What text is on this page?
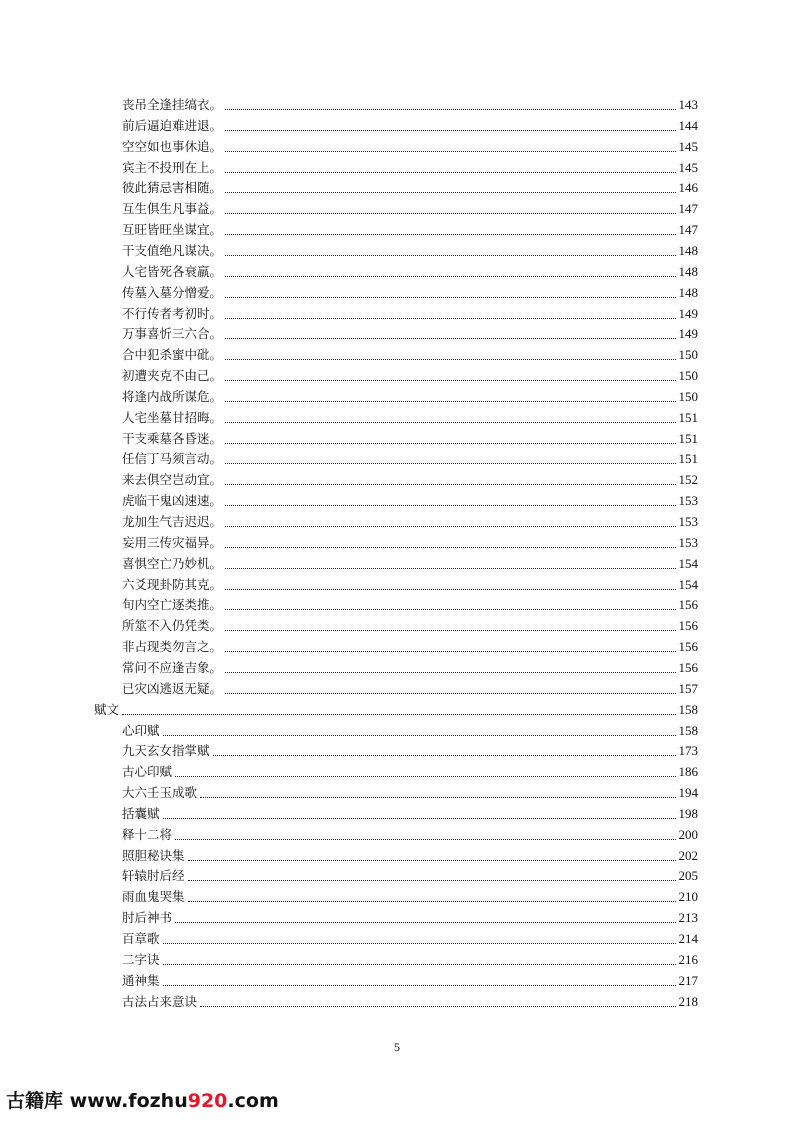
丧吊全逢挂缟衣。	143
前后逼迫难进退。	144
空空如也事休追。	145
宾主不投刑在上。	145
彼此猜忌害相随。	146
互生俱生凡事益。	147
互旺皆旺坐谋宜。	147
干支值绝凡谋决。	148
人宅皆死各衰羸。	148
传墓入墓分憎爱。	148
不行传者考初时。	149
万事喜忻三六合。	149
合中犯杀蜜中砒。	150
初遭夹克不由己。	150
将逢内战所谋危。	150
人宅坐墓甘招晦。	151
干支乘墓各昏迷。	151
任信丁马须言动。	151
来去俱空岂动宜。	152
虎临干鬼凶速速。	153
龙加生气吉迟迟。	153
妄用三传灾福异。	153
喜惧空亡乃妙机。	154
六爻现卦防其克。	154
旬内空亡逐类推。	156
所筮不入仍凭类。	156
非占现类勿言之。	156
常问不应逢吉象。	156
已灾凶逃返无疑。	157
赋文	158
心印赋	158
九天玄女指掌赋	173
古心印赋	186
大六壬玉成歌	194
括囊赋	198
释十二将	200
照胆秘诀集	202
轩辕肘后经	205
雨血鬼哭集	210
肘后神书	213
百章歌	214
二字诀	216
通神集	217
古法占来意诀	218
5
古籍库 www.fozhu920.com
